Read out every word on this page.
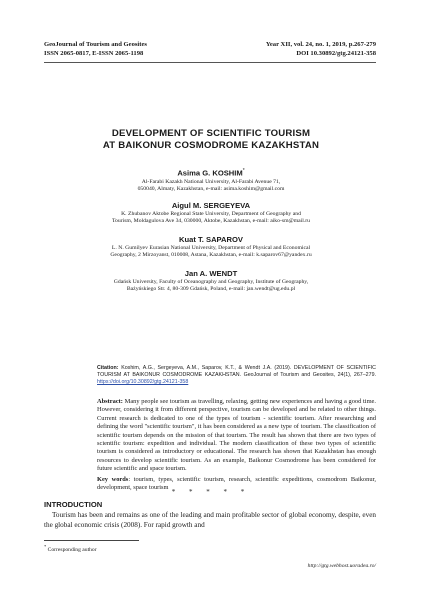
GeoJournal of Tourism and Geosites
ISSN 2065-0817, E-ISSN 2065-1198
Year XII, vol. 24, no. 1, 2019, p.267-279
DOI 10.30892/gtg.24121-358
DEVELOPMENT OF SCIENTIFIC TOURISM
AT BAIKONUR COSMODROME KAZAKHSTAN
Asima G. KOSHIM*
Al-Farabi Kazakh National University, Al-Farabi Avenue 71,
050040, Almaty, Kazakhstan, e-mail: asima.koshim@gmail.com
Aigul M. SERGEYEVA
K. Zhubanov Aktobe Regional State University, Department of Geography and
Tourism, Moldagulova Ave 34, 030000, Aktobe, Kazakhstan, e-mail: aiko-sm@mail.ru
Kuat T. SAPAROV
L. N. Gumilyev Eurasian National University, Department of Physical and Economical
Geography, 2 Mirzoyanst, 010008, Astana, Kazakhstan, e-mail: k.saparov67@yandex.ru
Jan A. WENDT
Gdańsk University, Faculty of Oceanography and Geography, Institute of Geography,
Bażyńskiego Str. 4, 80-309 Gdańsk, Poland, e-mail: jan.wendt@ug.edu.pl
Citation: Koshim, A.G., Sergeyeva, A.M., Saparov, K.T., & Wendt J.A. (2019). DEVELOPMENT OF SCIENTIFIC TOURISM AT BAIKONUR COSMODROME KAZAKHSTAN. GeoJournal of Tourism and Geosites, 24(1), 267–279. https://doi.org/10.30892/gtg.24121-358
Abstract: Many people see tourism as travelling, relaxing, getting new experiences and having a good time. However, considering it from different perspective, tourism can be developed and be related to other things. Current research is dedicated to one of the types of tourism - scientific tourism. After researching and defining the word "scientific tourism", it has been considered as a new type of tourism. The classification of scientific tourism depends on the mission of that tourism. The result has shown that there are two types of scientific tourism: expedition and individual. The modern classification of these two types of scientific tourism is considered as introductory or educational. The research has shown that Kazakhstan has enough resources to develop scientific tourism. As an example, Baikonur Cosmodrome has been considered for future scientific and space tourism.
Key words: tourism, types, scientific tourism, research, scientific expeditions, cosmodrom Baikonur, development, space tourism
* * * * *
INTRODUCTION
Tourism has been and remains as one of the leading and main profitable sector of global economy, despite, even the global economic crisis (2008). For rapid growth and
* Corresponding author
http://gtg.webhost.uoradea.ro/
